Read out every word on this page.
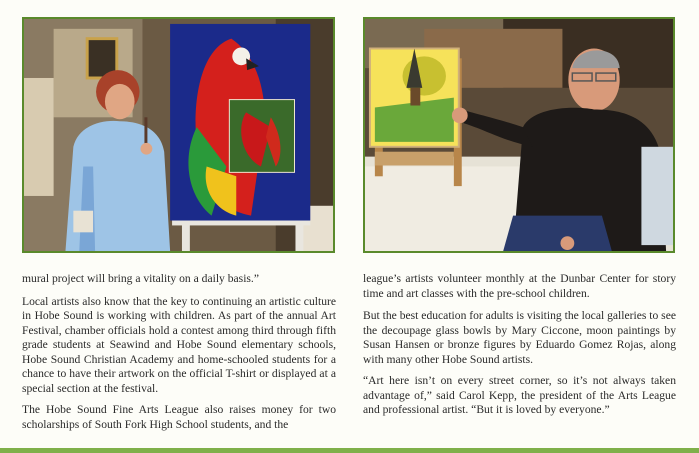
mural project will bring a vitality on a daily basis.”

Local artists also know that the key to continuing an artistic culture in Hobe Sound is working with children. As part of the annual Art Festival, chamber officials hold a contest among third through fifth grade students at Seawind and Hobe Sound elementary schools, Hobe Sound Christian Academy and home-schooled students for a chance to have their artwork on the official T-shirt or displayed at a special section at the festival.

The Hobe Sound Fine Arts League also raises money for two scholarships of South Fork High School students, and the

league’s artists volunteer monthly at the Dunbar Center for story time and art classes with the pre-school children.

But the best education for adults is visiting the local galleries to see the decoupage glass bowls by Mary Ciccone, moon paintings by Susan Hansen or bronze figures by Eduardo Gomez Rojas, along with many other Hobe Sound artists.

“Art here isn’t on every street corner, so it’s not always taken advantage of,” said Carol Kepp, the president of the Arts League and professional artist. “But it is loved by everyone.”
